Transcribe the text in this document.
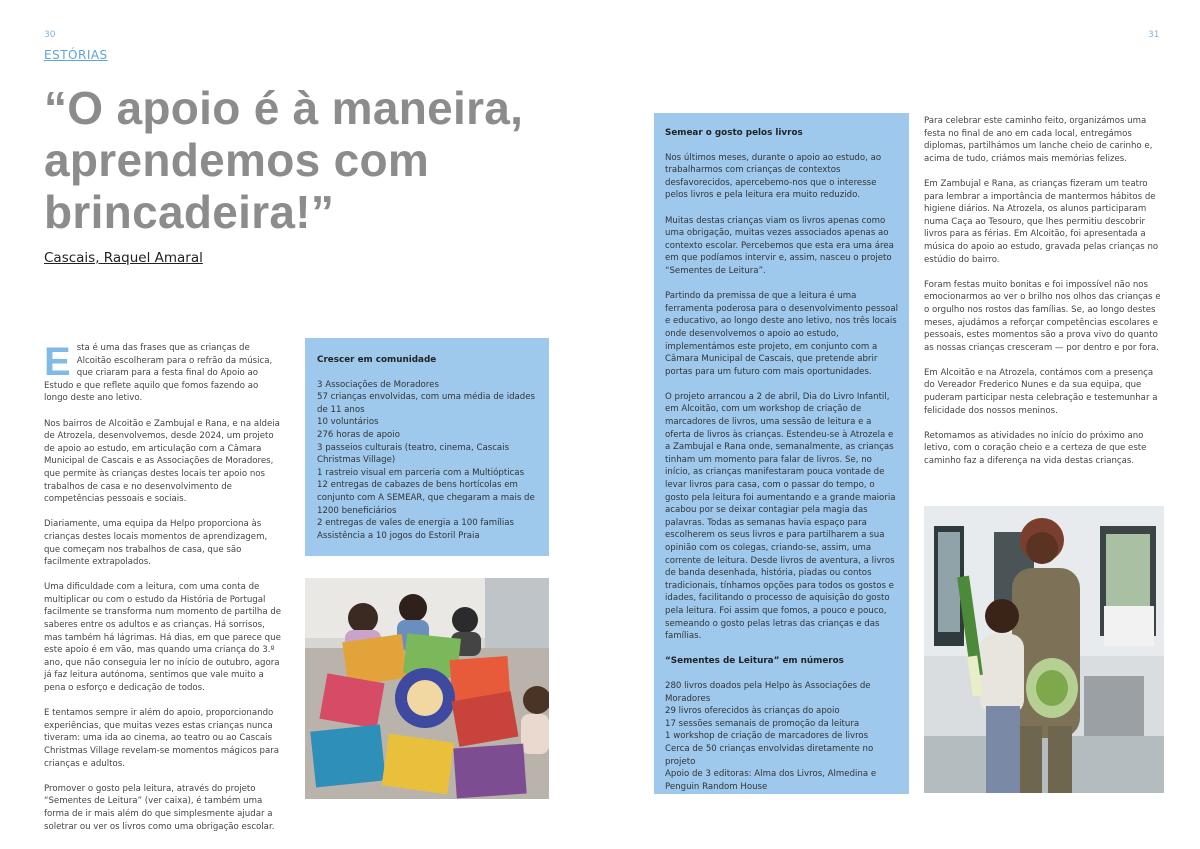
30	31
ESTÓRIAS
“O apoio é à maneira,
aprendemos com
brincadeira!”
Cascais, Raquel Amaral

Esta é uma das frases que as crianças de Alcoitão escolheram para o refrão da música, que criaram para a festa final do Apoio ao Estudo e que reflete aquilo que fomos fazendo ao longo deste ano letivo.

Nos bairros de Alcoitão e Zambujal e Rana, e na aldeia de Atrozela, desenvolvemos, desde 2024, um projeto de apoio ao estudo, em articulação com a Câmara Municipal de Cascais e as Associações de Moradores, que permite às crianças destes locais ter apoio nos trabalhos de casa e no desenvolvimento de competências pessoais e sociais.

Diariamente, uma equipa da Helpo proporciona às crianças destes locais momentos de aprendizagem, que começam nos trabalhos de casa, que são facilmente extrapolados.

Uma dificuldade com a leitura, com uma conta de multiplicar ou com o estudo da História de Portugal facilmente se transforma num momento de partilha de saberes entre os adultos e as crianças. Há sorrisos, mas também há lágrimas. Há dias, em que parece que este apoio é em vão, mas quando uma criança do 3.º ano, que não conseguia ler no início de outubro, agora já faz leitura autónoma, sentimos que vale muito a pena o esforço e dedicação de todos.

E tentamos sempre ir além do apoio, proporcionando experiências, que muitas vezes estas crianças nunca tiveram: uma ida ao cinema, ao teatro ou ao Cascais Christmas Village revelam-se momentos mágicos para crianças e adultos.

Promover o gosto pela leitura, através do projeto “Sementes de Leitura” (ver caixa), é também uma forma de ir mais além do que simplesmente ajudar a soletrar ou ver os livros como uma obrigação escolar.

Crescer em comunidade
3 Associações de Moradores
57 crianças envolvidas, com uma média de idades de 11 anos
10 voluntários
276 horas de apoio
3 passeios culturais (teatro, cinema, Cascais Christmas Village)
1 rastreio visual em parceria com a Multiópticas
12 entregas de cabazes de bens hortícolas em conjunto com A SEMEAR, que chegaram a mais de 1200 beneficiários
2 entregas de vales de energia a 100 famílias
Assistência a 10 jogos do Estoril Praia
Semear o gosto pelos livros

Nos últimos meses, durante o apoio ao estudo, ao trabalharmos com crianças de contextos desfavorecidos, apercebemo-nos que o interesse pelos livros e pela leitura era muito reduzido.

Muitas destas crianças viam os livros apenas como uma obrigação, muitas vezes associados apenas ao contexto escolar. Percebemos que esta era uma área em que podíamos intervir e, assim, nasceu o projeto “Sementes de Leitura”.

Partindo da premissa de que a leitura é uma ferramenta poderosa para o desenvolvimento pessoal e educativo, ao longo deste ano letivo, nos três locais onde desenvolvemos o apoio ao estudo, implementámos este projeto, em conjunto com a Câmara Municipal de Cascais, que pretende abrir portas para um futuro com mais oportunidades.

O projeto arrancou a 2 de abril, Dia do Livro Infantil, em Alcoitão, com um workshop de criação de marcadores de livros, uma sessão de leitura e a oferta de livros às crianças. Estendeu-se à Atrozela e a Zambujal e Rana onde, semanalmente, as crianças tinham um momento para falar de livros. Se, no início, as crianças manifestaram pouca vontade de levar livros para casa, com o passar do tempo, o gosto pela leitura foi aumentando e a grande maioria acabou por se deixar contagiar pela magia das palavras. Todas as semanas havia espaço para escolherem os seus livros e para partilharem a sua opinião com os colegas, criando-se, assim, uma corrente de leitura. Desde livros de aventura, a livros de banda desenhada, história, piadas ou contos tradicionais, tínhamos opções para todos os gostos e idades, facilitando o processo de aquisição do gosto pela leitura. Foi assim que fomos, a pouco e pouco, semeando o gosto pelas letras das crianças e das famílias.

“Sementes de Leitura” em números
280 livros doados pela Helpo às Associações de Moradores
29 livros oferecidos às crianças do apoio
17 sessões semanais de promoção da leitura
1 workshop de criação de marcadores de livros
Cerca de 50 crianças envolvidas diretamente no projeto
Apoio de 3 editoras: Alma dos Livros, Almedina e Penguin Random House

Para celebrar este caminho feito, organizámos uma festa no final de ano em cada local, entregámos diplomas, partilhámos um lanche cheio de carinho e, acima de tudo, criámos mais memórias felizes.

Em Zambujal e Rana, as crianças fizeram um teatro para lembrar a importância de mantermos hábitos de higiene diários. Na Atrozela, os alunos participaram numa Caça ao Tesouro, que lhes permitiu descobrir livros para as férias. Em Alcoitão, foi apresentada a música do apoio ao estudo, gravada pelas crianças no estúdio do bairro.

Foram festas muito bonitas e foi impossível não nos emocionarmos ao ver o brilho nos olhos das crianças e o orgulho nos rostos das famílias. Se, ao longo destes meses, ajudámos a reforçar competências escolares e pessoais, estes momentos são a prova vivo do quanto as nossas crianças cresceram — por dentro e por fora.

Em Alcoitão e na Atrozela, contámos com a presença do Vereador Frederico Nunes e da sua equipa, que puderam participar nesta celebração e testemunhar a felicidade dos nossos meninos.

Retomamos as atividades no início do próximo ano letivo, com o coração cheio e a certeza de que este caminho faz a diferença na vida destas crianças.
